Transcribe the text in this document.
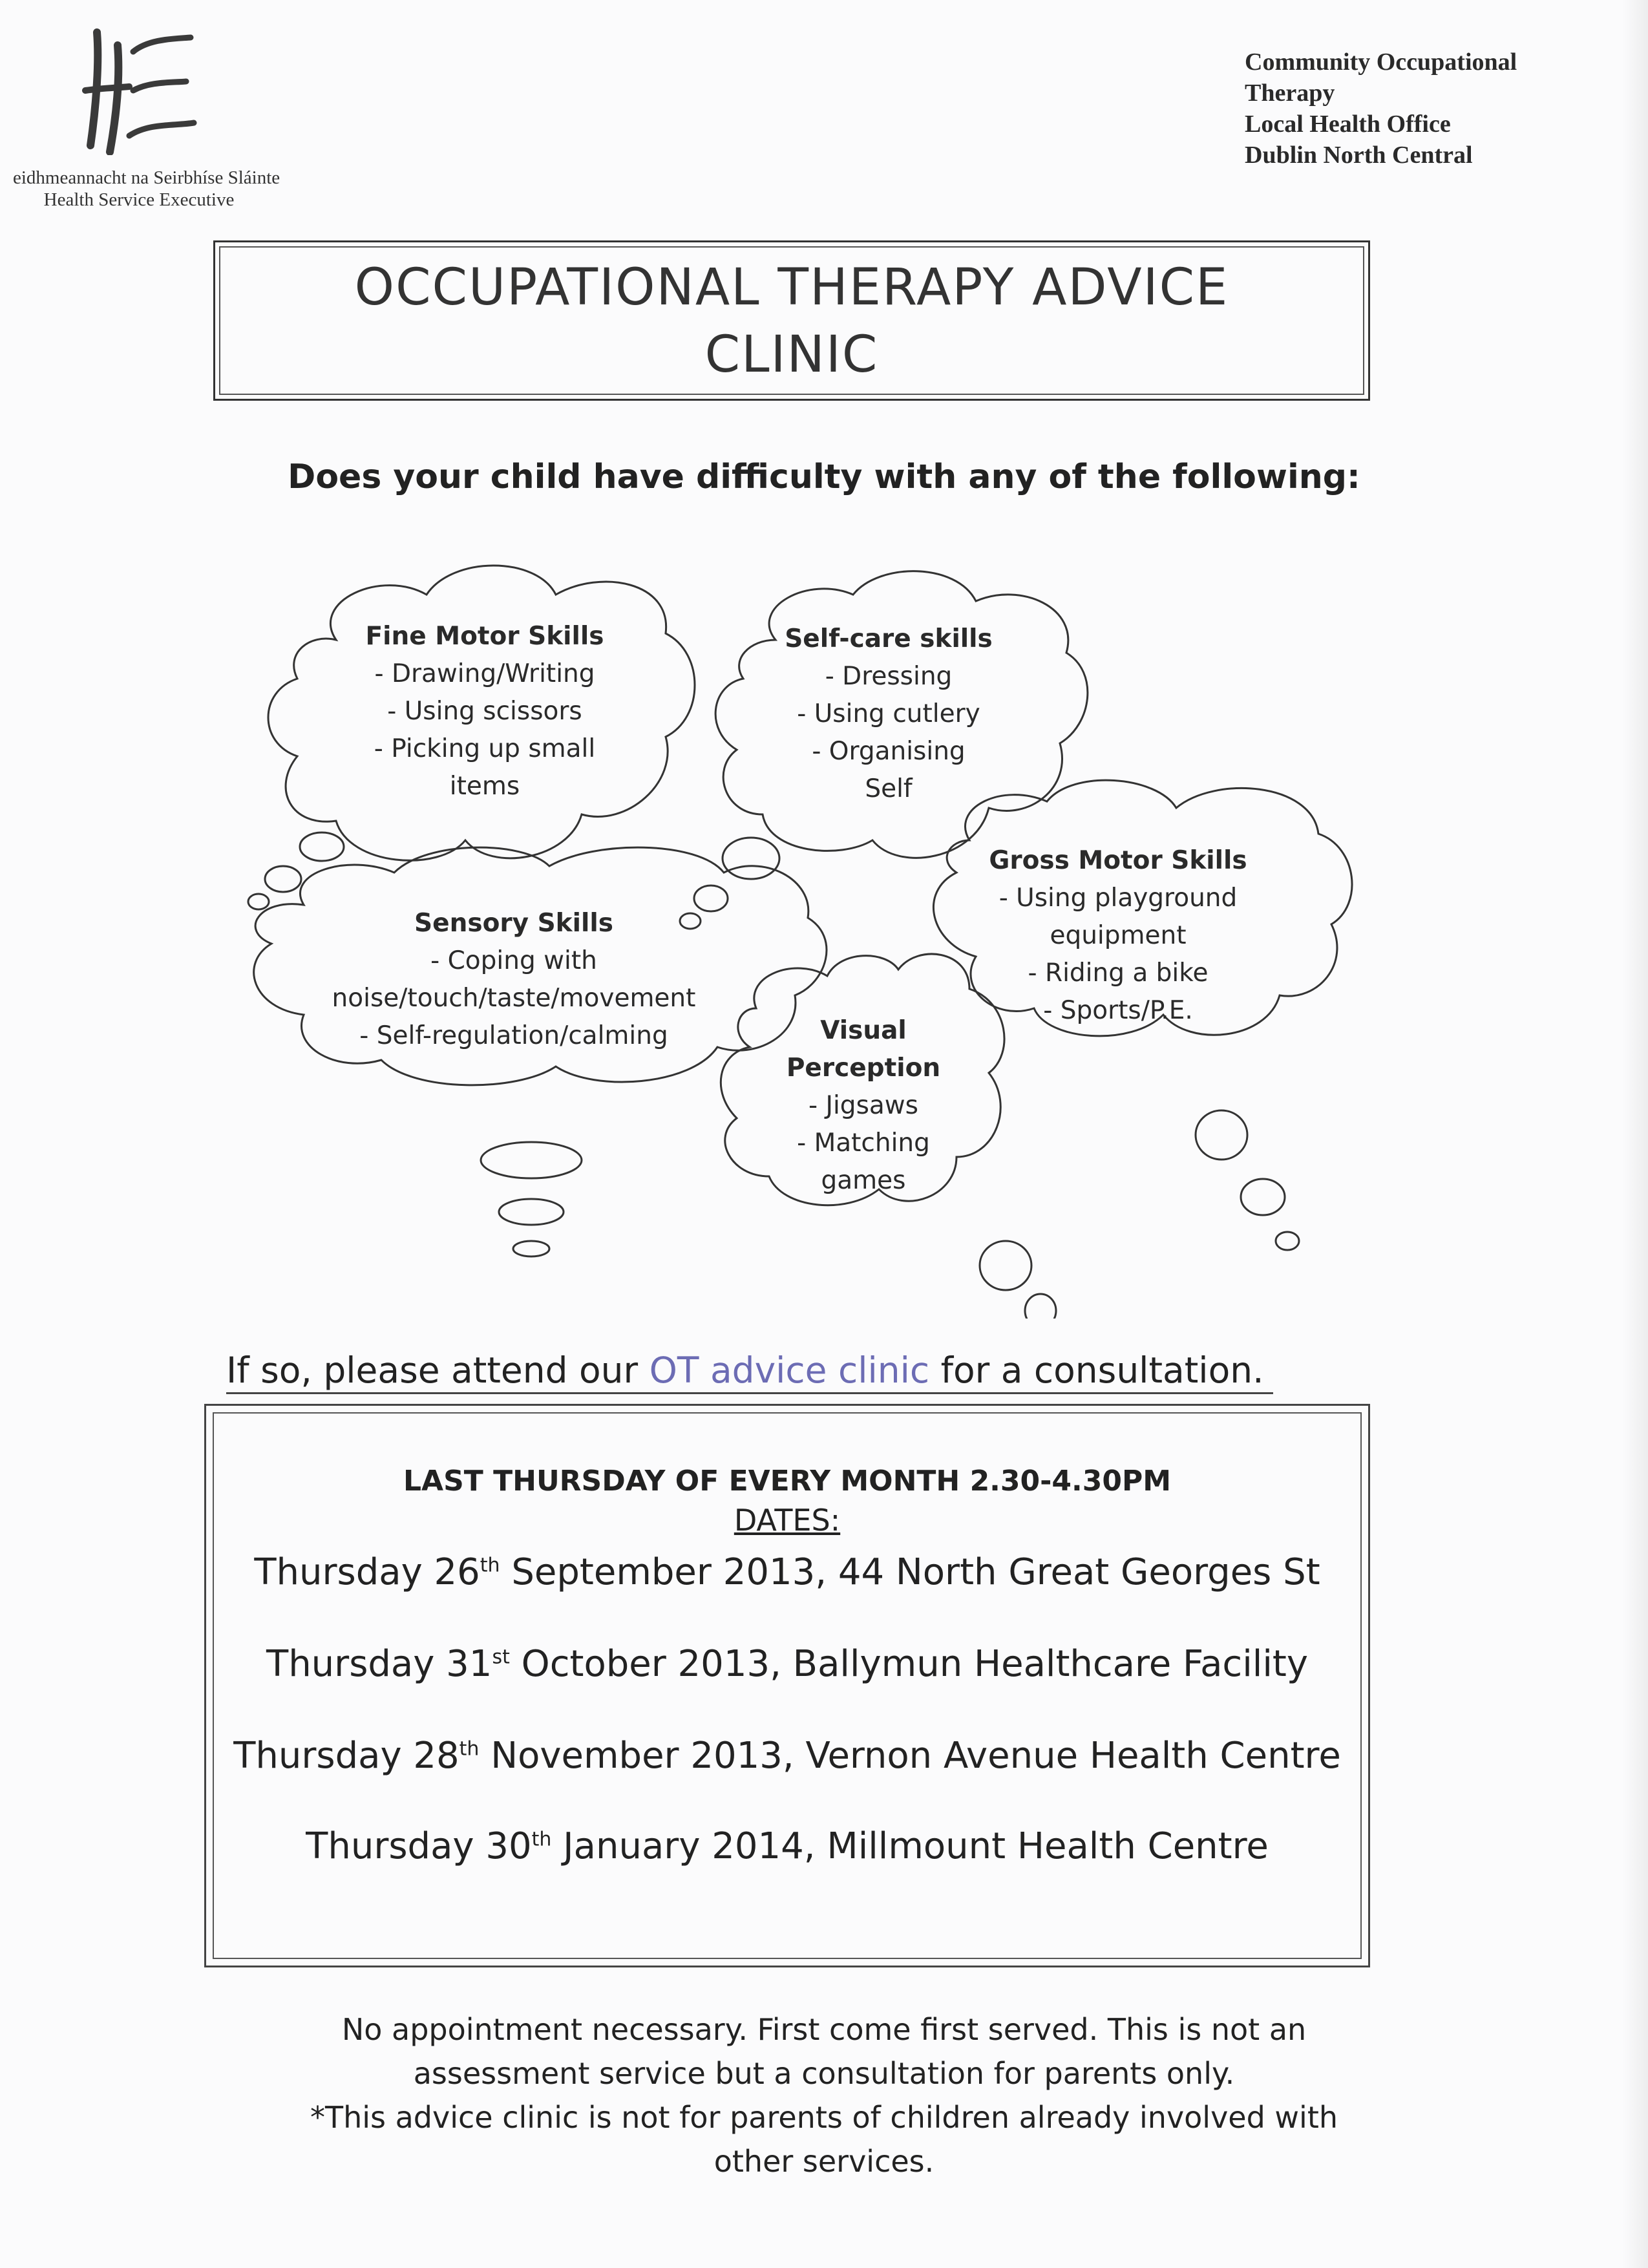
eidhmeannacht na Seirbhíse Sláinte
Health Service Executive
Community Occupational
Therapy
Local Health Office
Dublin North Central
OCCUPATIONAL THERAPY ADVICE
CLINIC
Does your child have difficulty with any of the following:
Fine Motor Skills
- Drawing/Writing
- Using scissors
- Picking up small
items
Self-care skills
- Dressing
- Using cutlery
- Organising
Self
Gross Motor Skills
- Using playground
equipment
- Riding a bike
- Sports/P.E.
Sensory Skills
- Coping with
noise/touch/taste/movement
- Self-regulation/calming	Visual
Perception
- Jigsaws
- Matching
games
If so, please attend our OT advice clinic for a consultation.
LAST THURSDAY OF EVERY MONTH 2.30-4.30PM
DATES:
Thursday 26th September 2013, 44 North Great Georges St
Thursday 31st October 2013, Ballymun Healthcare Facility
Thursday 28th November 2013, Vernon Avenue Health Centre
Thursday 30th January 2014, Millmount Health Centre
No appointment necessary. First come first served. This is not an
assessment service but a consultation for parents only.
*This advice clinic is not for parents of children already involved with
other services.
